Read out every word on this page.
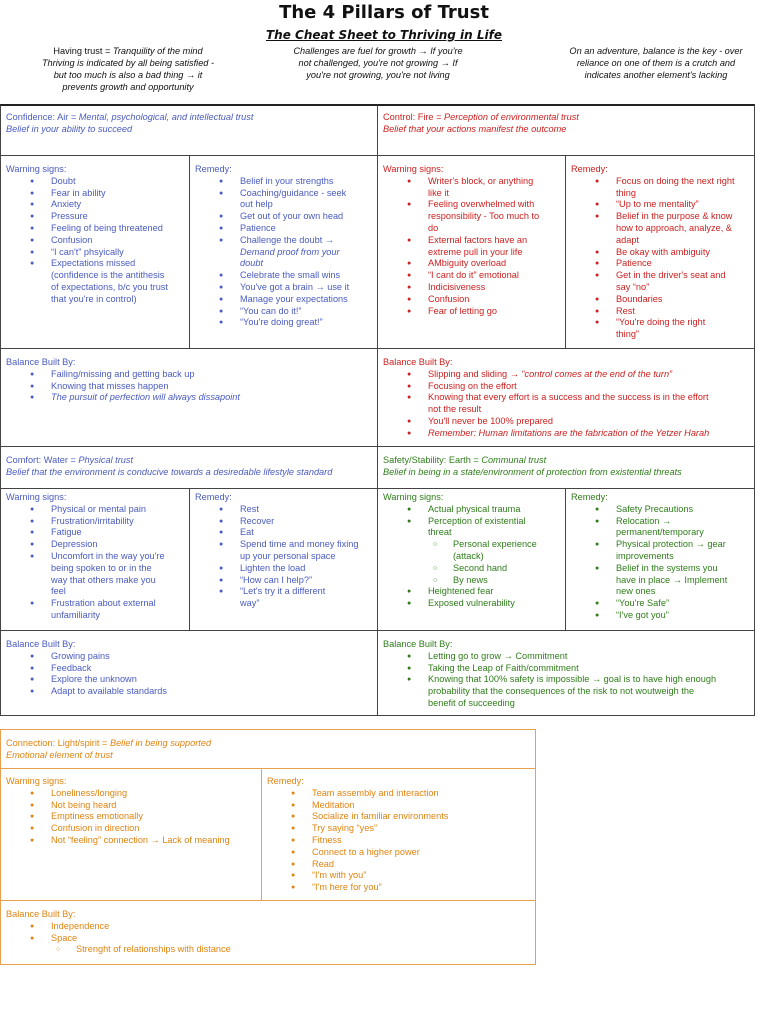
The 4 Pillars of Trust
The Cheat Sheet to Thriving in Life
Having trust = Tranquility of the mind
Thriving is indicated by all being satisfied -
but too much is also a bad thing → it
prevents growth and opportunity
Challenges are fuel for growth → If you're
not challenged, you're not growing → If
you're not growing, you're not living
On an adventure, balance is the key - over
reliance on one of them is a crutch and
indicates another element's lacking
Confidence: Air = Mental, psychological, and intellectual trust
Belief in your ability to succeed
Warning signs:
● Doubt
● Fear in ability
● Anxiety
● Pressure
● Feeling of being threatened
● Confusion
● “I can't” phsyically
● Expectations missed
(confidence is the antithesis
of expectations, b/c you trust
that you're in control)
Remedy:
● Belief in your strengths
● Coaching/guidance - seek
out help
● Get out of your own head
● Patience
● Challenge the doubt →
Demand proof from your
doubt
● Celebrate the small wins
● You've got a brain → use it
● Manage your expectations
● “You can do it!”
● “You're doing great!”
Balance Built By:
● Failing/missing and getting back up
● Knowing that misses happen
● The pursuit of perfection will always dissapoint
Control: Fire = Perception of environmental trust
Belief that your actions manifest the outcome
Warning signs:
● Writer's block, or anything
like it
● Feeling overwhelmed with
responsibility - Too much to
do
● External factors have an
extreme pull in your life
● AMbiguity overload
● “I cant do it” emotional
● Indicisiveness
● Confusion
● Fear of letting go
Remedy:
● Focus on doing the next right
thing
● “Up to me mentality”
● Belief in the purpose & know
how to approach, analyze, &
adapt
● Be okay with ambiguity
● Patience
● Get in the driver's seat and
say “no”
● Boundaries
● Rest
● “You're doing the right
thing”
Balance Built By:
● Slipping and sliding → “control comes at the end of the turn”
● Focusing on the effort
● Knowing that every effort is a success and the success is in the effort
not the result
● You'll never be 100% prepared
● Remember: Human limitations are the fabrication of the Yetzer Harah
Comfort: Water = Physical trust
Belief that the environment is conducive towards a desiredable lifestyle standard
Warning signs:
● Physical or mental pain
● Frustration/irritability
● Fatigue
● Depression
● Uncomfort in the way you're
being spoken to or in the
way that others make you
feel
● Frustration about external
unfamiliarity
Remedy:
● Rest
● Recover
● Eat
● Spend time and money fixing
up your personal space
● Lighten the load
● “How can I help?”
● “Let's try it a different
way”
Balance Built By:
● Growing pains
● Feedback
● Explore the unknown
● Adapt to available standards
Safety/Stability: Earth = Communal trust
Belief in being in a state/environment of protection from existential threats
Warning signs:
● Actual physical trauma
● Perception of existential
threat
○ Personal experience
(attack)
○ Second hand
○ By news
● Heightened fear
● Exposed vulnerability
Remedy:
● Safety Precautions
● Relocation →
permanent/temporary
● Physical protection → gear
improvements
● Belief in the systems you
have in place → Implement
new ones
● “You're Safe”
● “I've got you”
Balance Built By:
● Letting go to grow → Commitment
● Taking the Leap of Faith/commitment
● Knowing that 100% safety is impossible → goal is to have high enough
probability that the consequences of the risk to not woutweigh the
benefit of succeeding
Connection: Light/spirit = Belief in being supported
Emotional element of trust
Warning signs:
● Loneliness/longing
● Not being heard
● Emptiness emotionally
● Confusion in direction
● Not “feeling” connection → Lack of meaning
Remedy:
● Team assembly and interaction
● Meditation
● Socialize in familiar environments
● Try saying “yes”
● Fitness
● Connect to a higher power
● Read
● “I'm with you”
● “I'm here for you”
Balance Built By:
● Independence
● Space
○ Strenght of relationships with distance
